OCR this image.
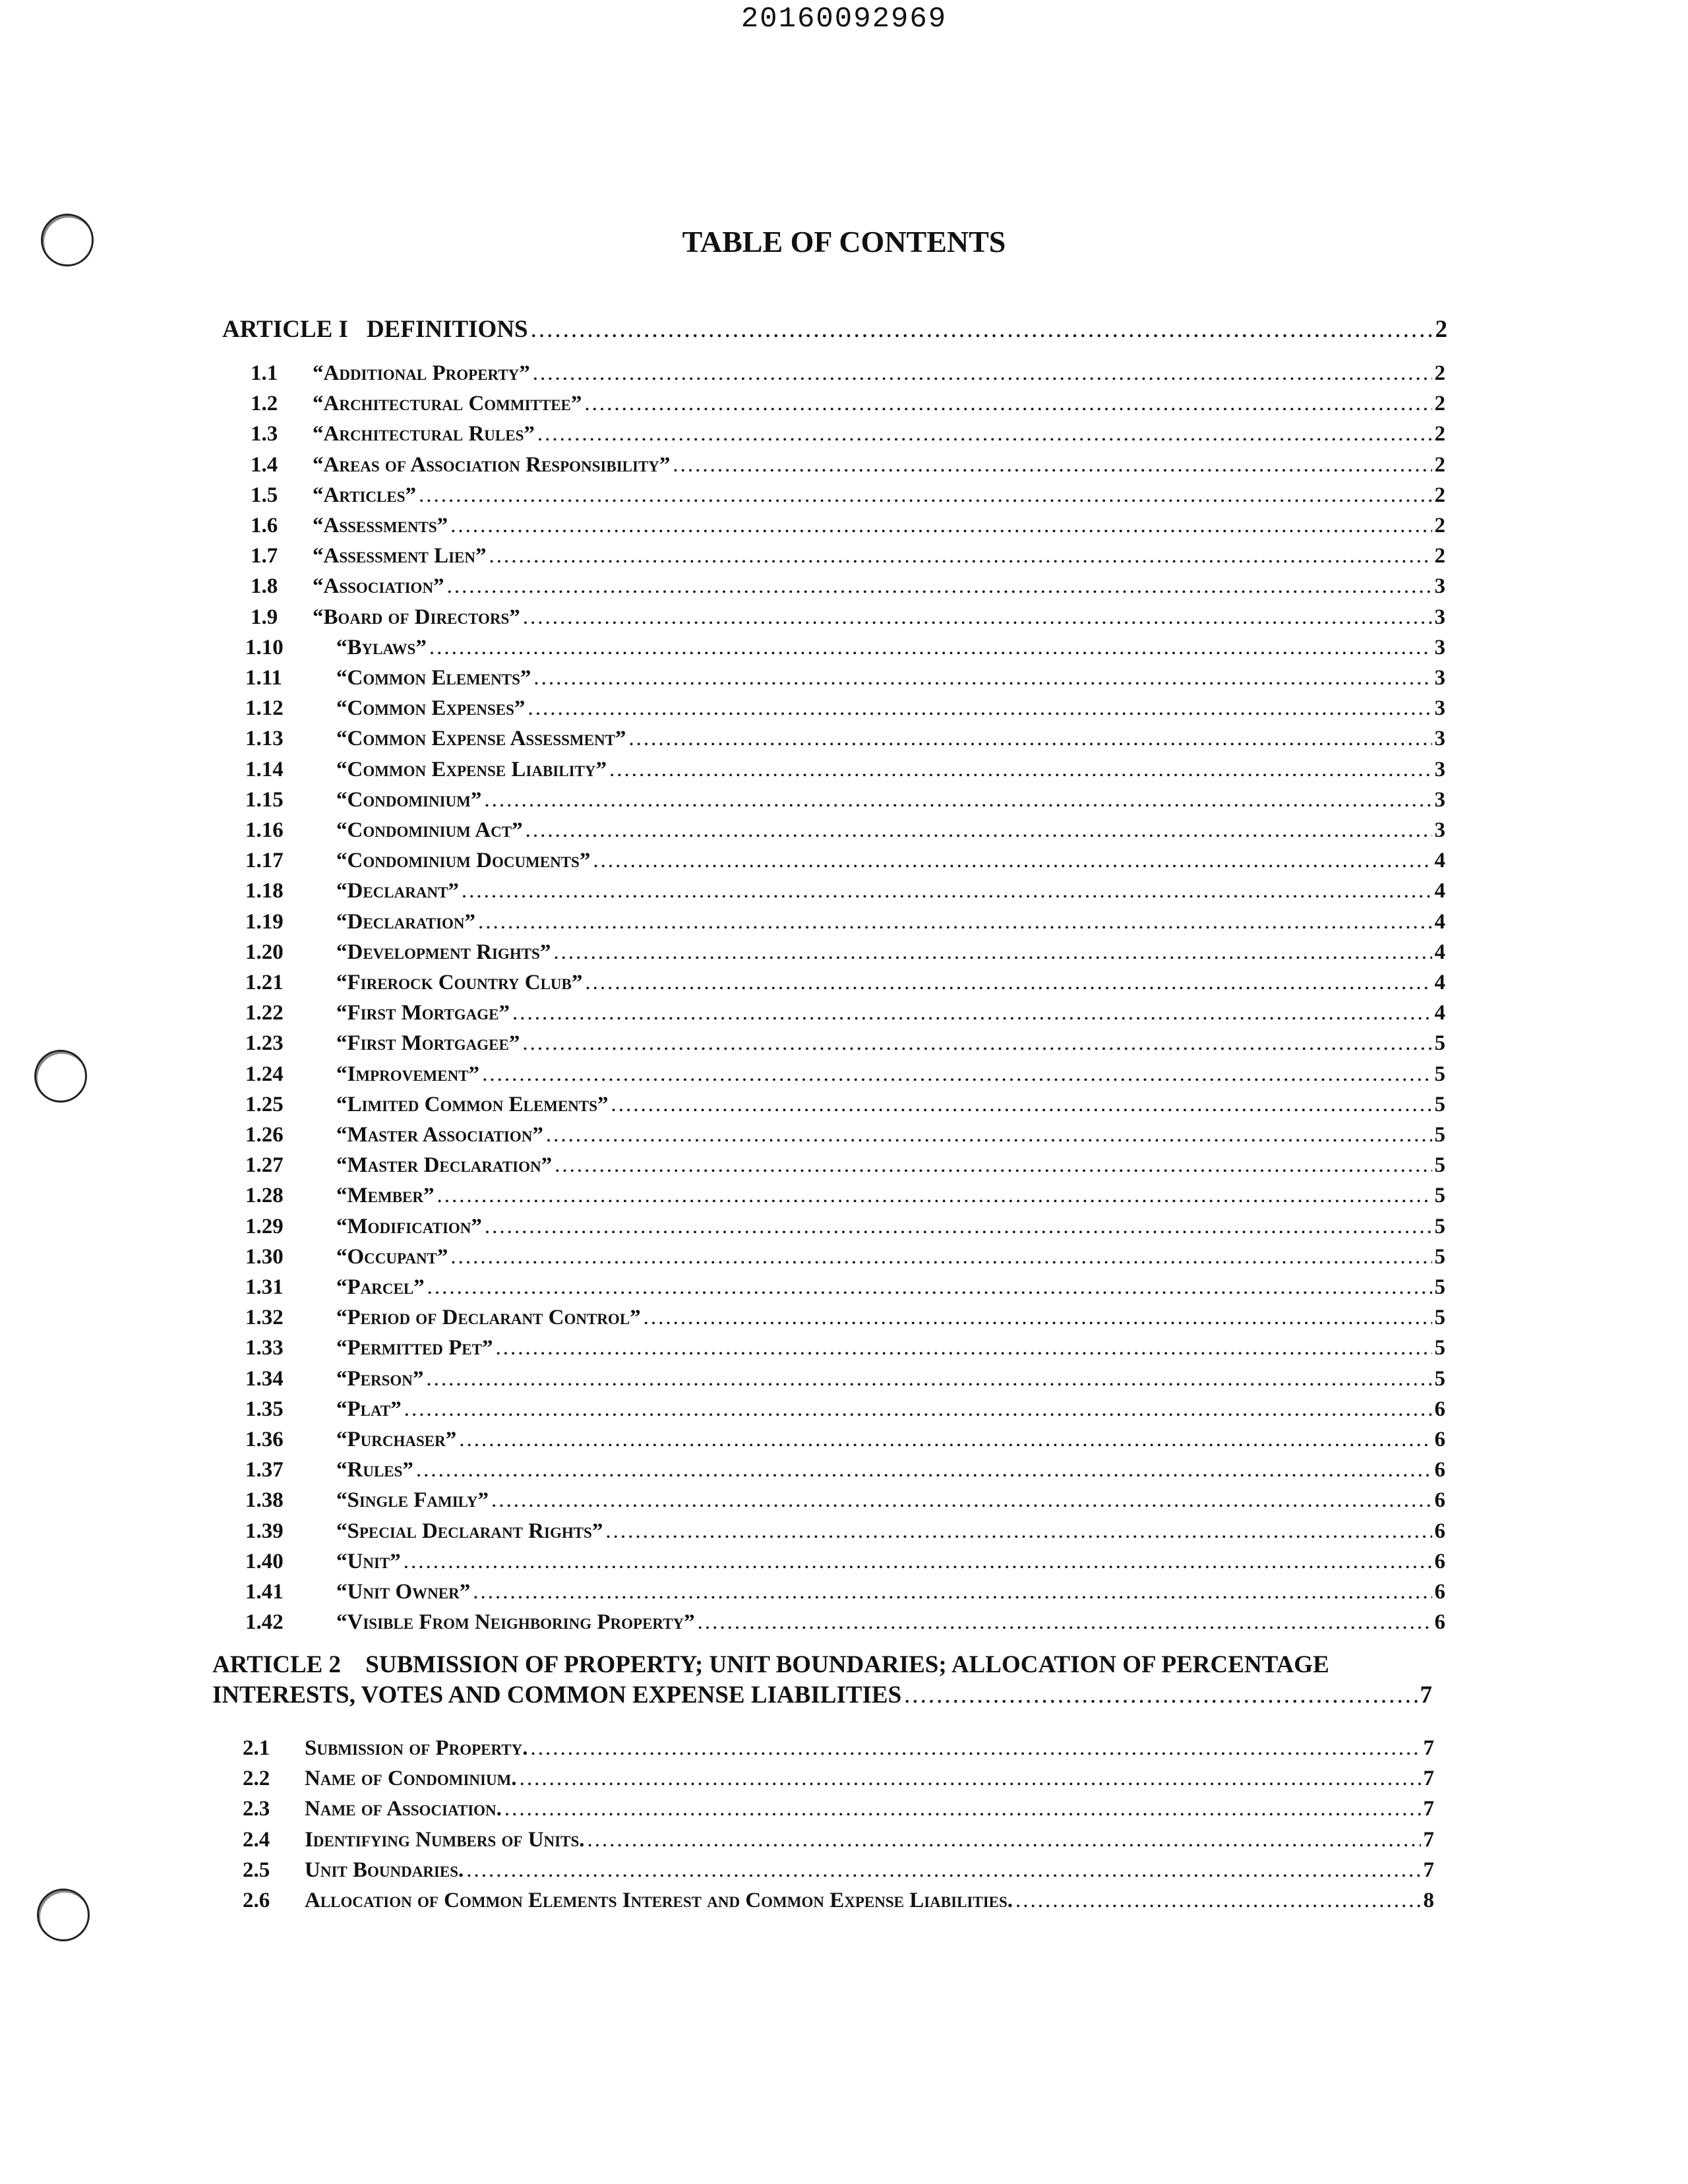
20160092969
TABLE OF CONTENTS
ARTICLE I DEFINITIONS .....	2
1.1	“Additional Property” .....	2
1.2	“Architectural Committee” .....	2
1.3	“Architectural Rules” .....	2
1.4	“Areas of Association Responsibility” .....	2
1.5	“Articles” .....	2
1.6	“Assessments” .....	2
1.7	“Assessment Lien” .....	2
1.8	“Association” .....	3
1.9	“Board of Directors” .....	3
1.10	“Bylaws” .....	3
1.11	“Common Elements” .....	3
1.12	“Common Expenses” .....	3
1.13	“Common Expense Assessment” .....	3
1.14	“Common Expense Liability” .....	3
1.15	“Condominium” .....	3
1.16	“Condominium Act” .....	3
1.17	“Condominium Documents” .....	4
1.18	“Declarant” .....	4
1.19	“Declaration” .....	4
1.20	“Development Rights” .....	4
1.21	“Firerock Country Club” .....	4
1.22	“First Mortgage” .....	4
1.23	“First Mortgagee” .....	5
1.24	“Improvement” .....	5
1.25	“Limited Common Elements” .....	5
1.26	“Master Association” .....	5
1.27	“Master Declaration” .....	5
1.28	“Member” .....	5
1.29	“Modification” .....	5
1.30	“Occupant” .....	5
1.31	“Parcel” .....	5
1.32	“Period of Declarant Control” .....	5
1.33	“Permitted Pet” .....	5
1.34	“Person” .....	5
1.35	“Plat” .....	6
1.36	“Purchaser” .....	6
1.37	“Rules” .....	6
1.38	“Single Family” .....	6
1.39	“Special Declarant Rights” .....	6
1.40	“Unit” .....	6
1.41	“Unit Owner” .....	6
1.42	“Visible From Neighboring Property” .....	6
ARTICLE 2 SUBMISSION OF PROPERTY; UNIT BOUNDARIES; ALLOCATION OF PERCENTAGE
INTERESTS, VOTES AND COMMON EXPENSE LIABILITIES .....	7
2.1	Submission of Property. .....	7
2.2	Name of Condominium. .....	7
2.3	Name of Association. .....	7
2.4	Identifying Numbers of Units. .....	7
2.5	Unit Boundaries. .....	7
2.6	Allocation of Common Elements Interest and Common Expense Liabilities. .....	8
